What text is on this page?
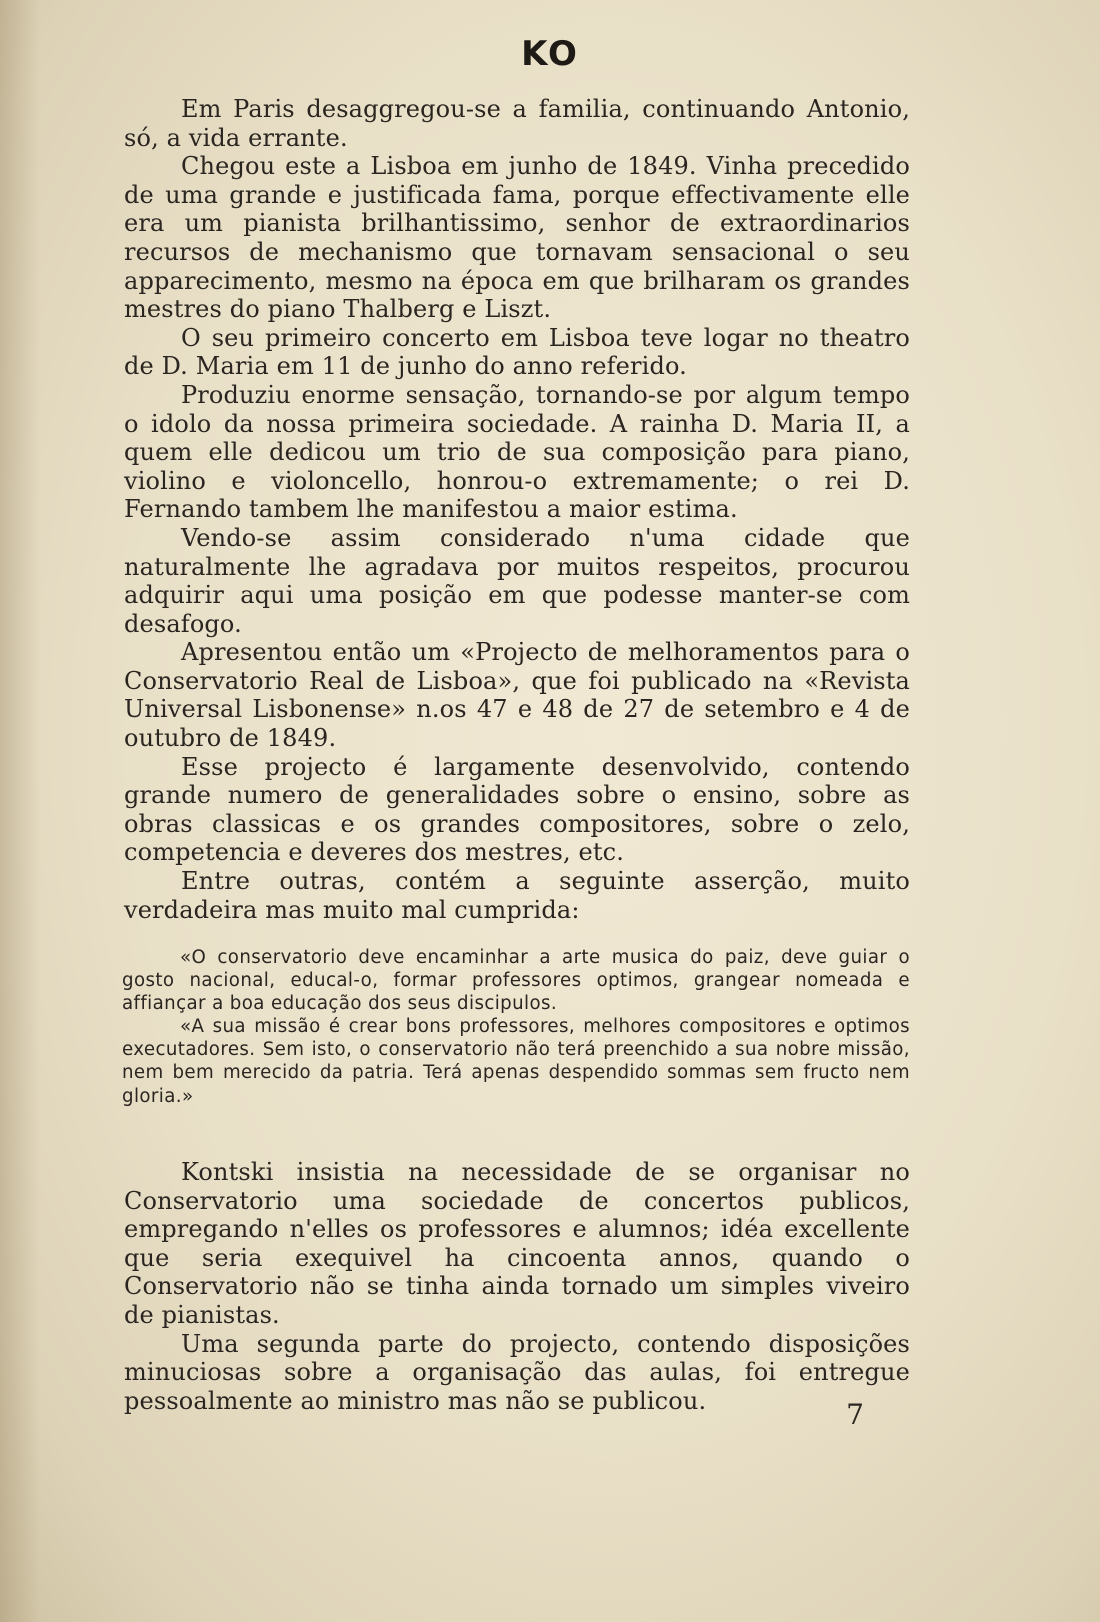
KO

Em Paris desaggregou-se a familia, continuando Antonio, só, a vida errante.

Chegou este a Lisboa em junho de 1849. Vinha precedido de uma grande e justificada fama, porque effectivamente elle era um pianista brilhantissimo, senhor de extraordinarios recursos de mechanismo que tornavam sensacional o seu apparecimento, mesmo na época em que brilharam os grandes mestres do piano Thalberg e Liszt.

O seu primeiro concerto em Lisboa teve logar no theatro de D. Maria em 11 de junho do anno referido.

Produziu enorme sensação, tornando-se por algum tempo o idolo da nossa primeira sociedade. A rainha D. Maria II, a quem elle dedicou um trio de sua composição para piano, violino e violoncello, honrou-o extremamente; o rei D. Fernando tambem lhe manifestou a maior estima.

Vendo-se assim considerado n'uma cidade que naturalmente lhe agradava por muitos respeitos, procurou adquirir aqui uma posição em que podesse manter-se com desafogo.

Apresentou então um «Projecto de melhoramentos para o Conservatorio Real de Lisboa», que foi publicado na «Revista Universal Lisbonense» n.os 47 e 48 de 27 de setembro e 4 de outubro de 1849.

Esse projecto é largamente desenvolvido, contendo grande numero de generalidades sobre o ensino, sobre as obras classicas e os grandes compositores, sobre o zelo, competencia e deveres dos mestres, etc.

Entre outras, contém a seguinte asserção, muito verdadeira mas muito mal cumprida:

«O conservatorio deve encaminhar a arte musica do paiz, deve guiar o gosto nacional, educal-o, formar professores optimos, grangear nomeada e affiançar a boa educação dos seus discipulos.

«A sua missão é crear bons professores, melhores compositores e optimos executadores. Sem isto, o conservatorio não terá preenchido a sua nobre missão, nem bem merecido da patria. Terá apenas despendido sommas sem fructo nem gloria.»

Kontski insistia na necessidade de se organisar no Conservatorio uma sociedade de concertos publicos, empregando n'elles os professores e alumnos; idéa excellente que seria exequivel ha cincoenta annos, quando o Conservatorio não se tinha ainda tornado um simples viveiro de pianistas.

Uma segunda parte do projecto, contendo disposições minuciosas sobre a organisação das aulas, foi entregue pessoalmente ao ministro mas não se publicou.	7
